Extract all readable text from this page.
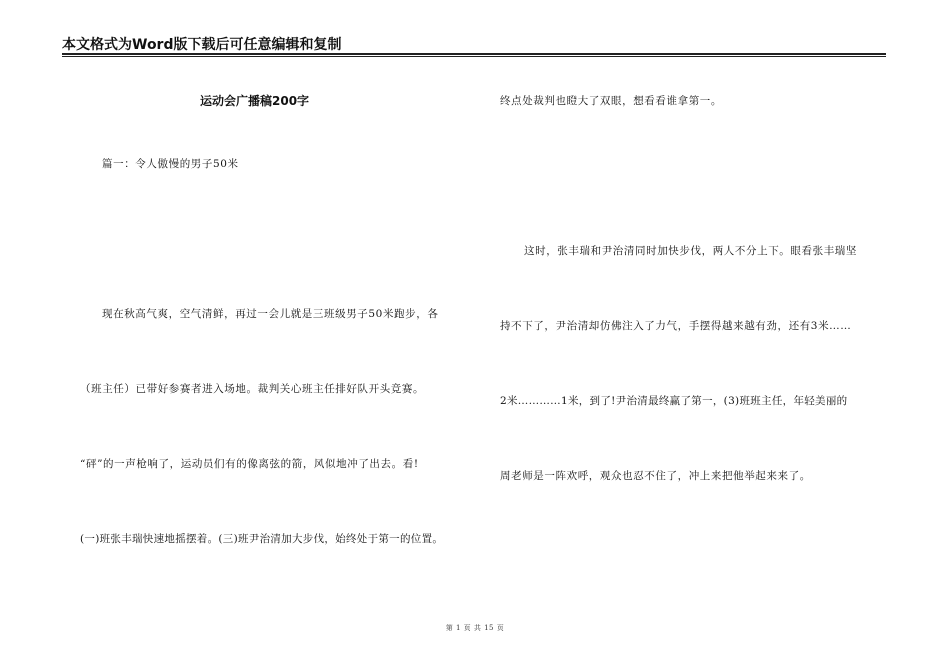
本文格式为Word版下载后可任意编辑和复制
运动会广播稿200字
篇一：令人傲慢的男子50米
现在秋高气爽，空气清鲜，再过一会儿就是三班级男子50米跑步，各
（班主任）已带好参赛者进入场地。裁判关心班主任排好队开头竞赛。
“砰”的一声枪响了，运动员们有的像离弦的箭，风似地冲了出去。看!
(一)班张丰瑞快速地摇摆着。(三)班尹治清加大步伐，始终处于第一的位置。
终点处裁判也瞪大了双眼，想看看谁拿第一。
这时，张丰瑞和尹治清同时加快步伐，两人不分上下。眼看张丰瑞坚
持不下了，尹治清却仿佛注入了力气，手摆得越来越有劲，还有3米……
2米…………1米，到了!尹治清最终赢了第一，(3)班班主任，年轻美丽的
周老师是一阵欢呼，观众也忍不住了，冲上来把他举起来来了。
第 1 页 共 15 页
